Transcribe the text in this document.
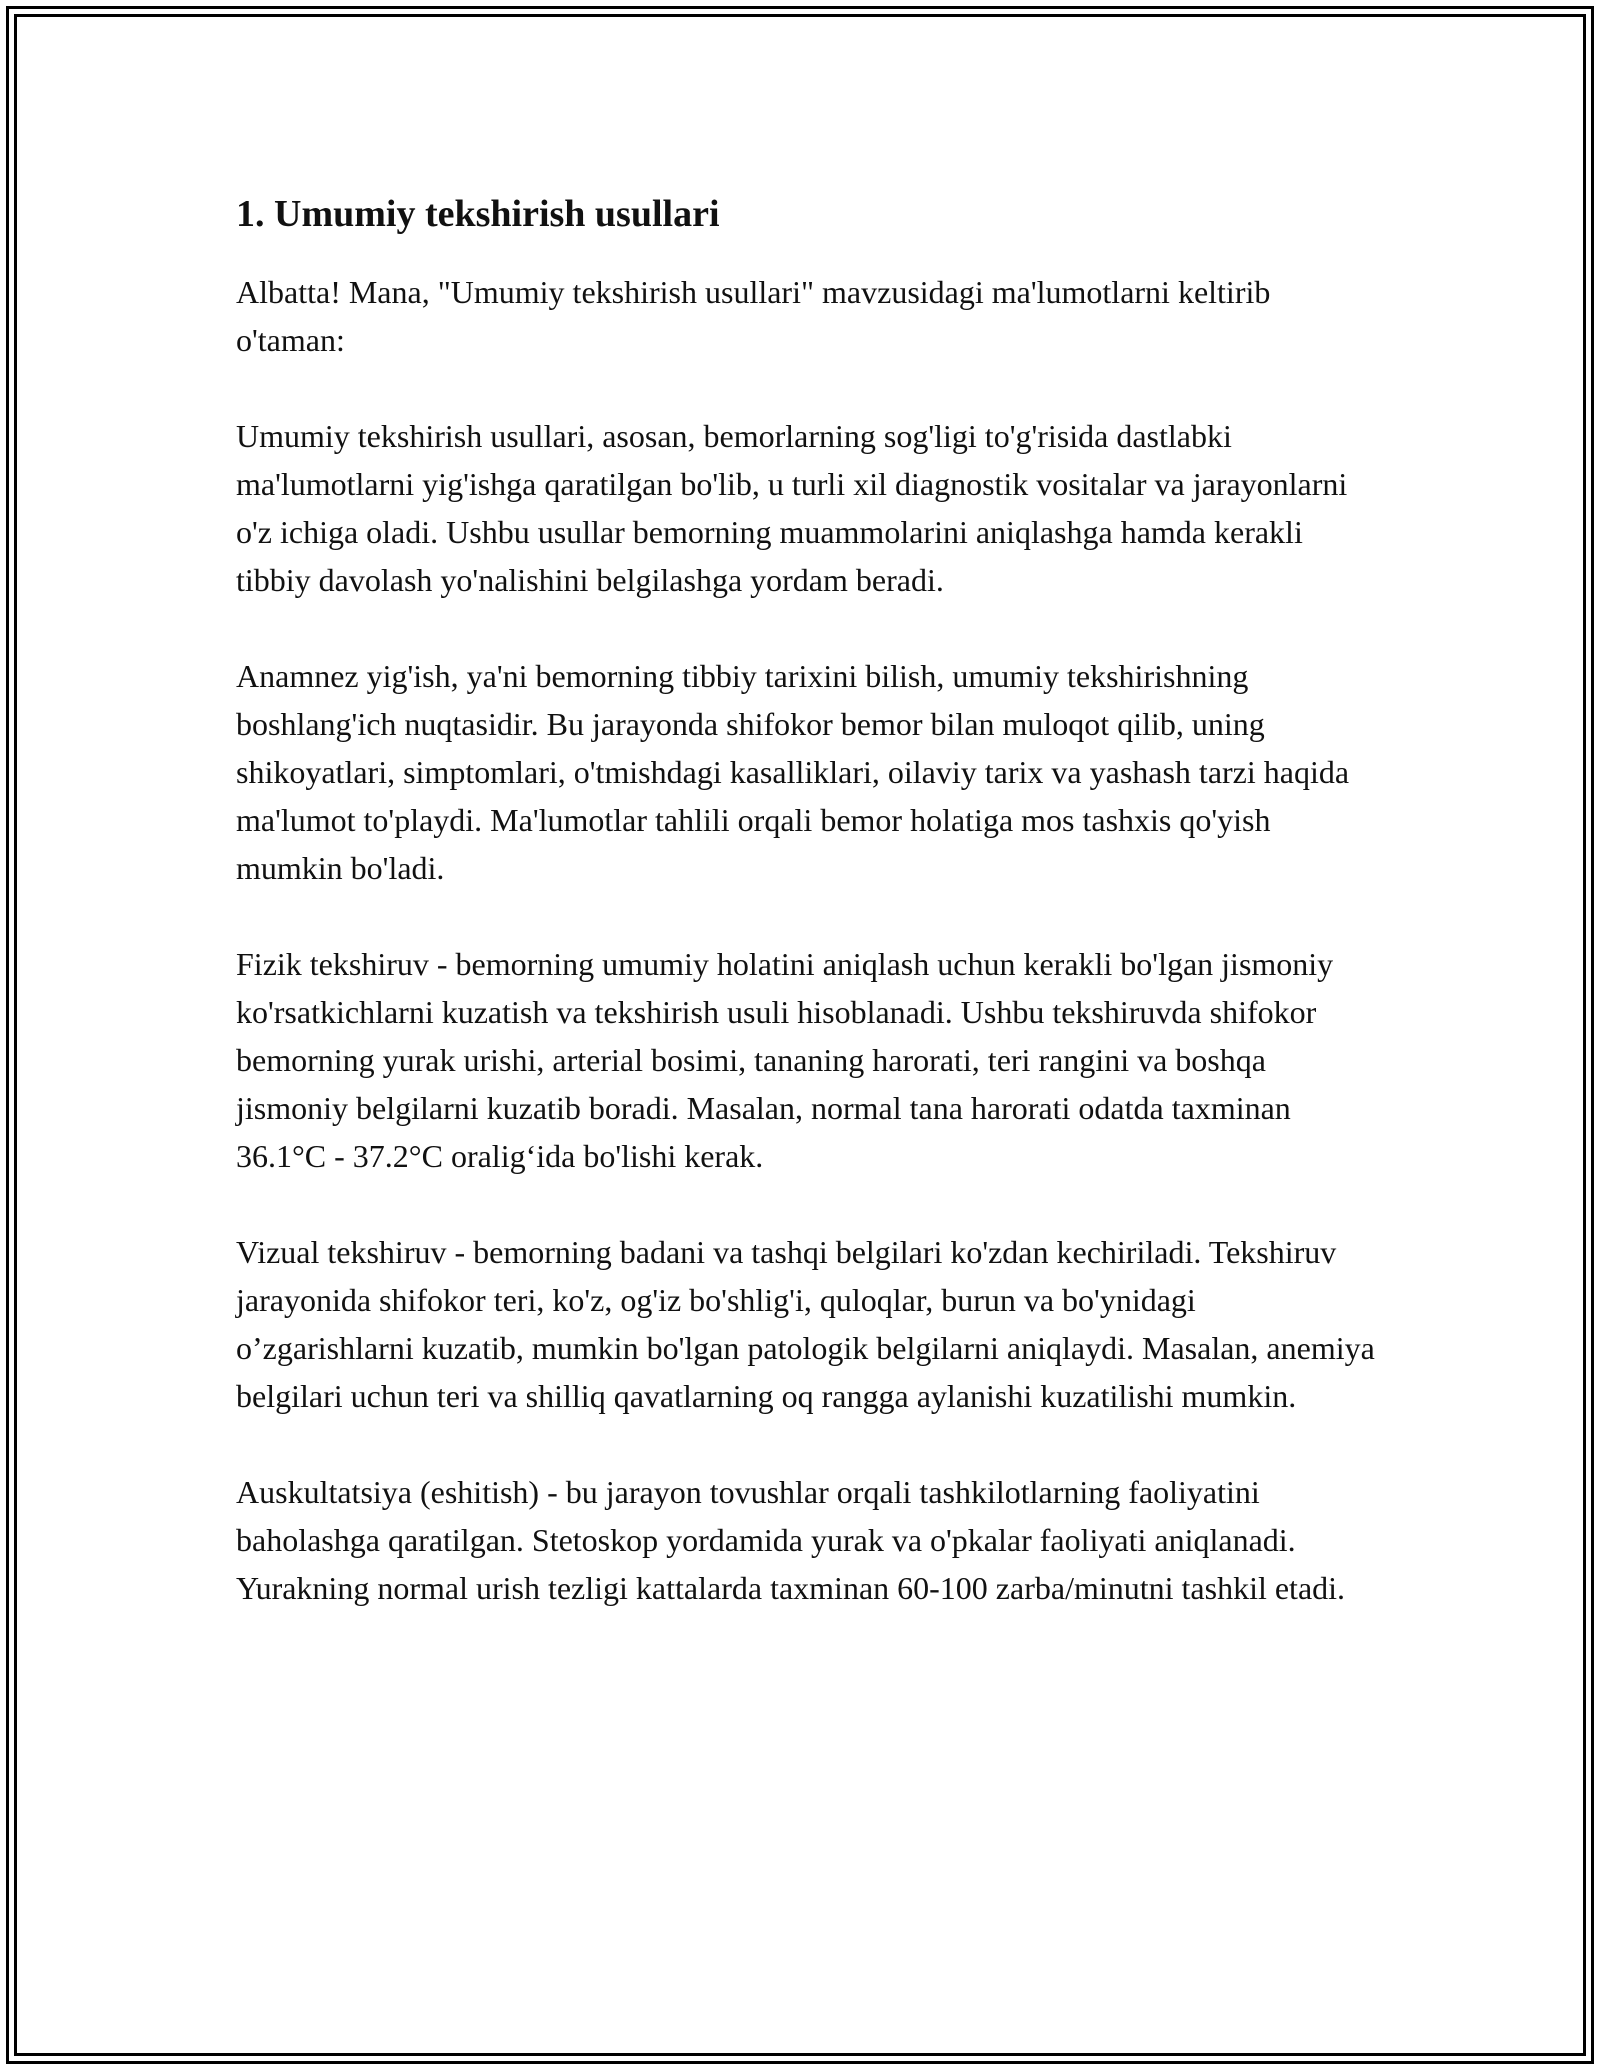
1. Umumiy tekshirish usullari

Albatta! Mana, "Umumiy tekshirish usullari" mavzusidagi ma'lumotlarni keltirib o'taman:

Umumiy tekshirish usullari, asosan, bemorlarning sog'ligi to'g'risida dastlabki ma'lumotlarni yig'ishga qaratilgan bo'lib, u turli xil diagnostik vositalar va jarayonlarni o'z ichiga oladi. Ushbu usullar bemorning muammolarini aniqlashga hamda kerakli tibbiy davolash yo'nalishini belgilashga yordam beradi.

Anamnez yig'ish, ya'ni bemorning tibbiy tarixini bilish, umumiy tekshirishning boshlang'ich nuqtasidir. Bu jarayonda shifokor bemor bilan muloqot qilib, uning shikoyatlari, simptomlari, o'tmishdagi kasalliklari, oilaviy tarix va yashash tarzi haqida ma'lumot to'playdi. Ma'lumotlar tahlili orqali bemor holatiga mos tashxis qo'yish mumkin bo'ladi.

Fizik tekshiruv - bemorning umumiy holatini aniqlash uchun kerakli bo'lgan jismoniy ko'rsatkichlarni kuzatish va tekshirish usuli hisoblanadi. Ushbu tekshiruvda shifokor bemorning yurak urishi, arterial bosimi, tananing harorati, teri rangini va boshqa jismoniy belgilarni kuzatib boradi. Masalan, normal tana harorati odatda taxminan 36.1°C - 37.2°C oralig‘ida bo'lishi kerak.

Vizual tekshiruv - bemorning badani va tashqi belgilari ko'zdan kechiriladi. Tekshiruv jarayonida shifokor teri, ko'z, og'iz bo'shlig'i, quloqlar, burun va bo'ynidagi o’zgarishlarni kuzatib, mumkin bo'lgan patologik belgilarni aniqlaydi. Masalan, anemiya belgilari uchun teri va shilliq qavatlarning oq rangga aylanishi kuzatilishi mumkin.

Auskultatsiya (eshitish) - bu jarayon tovushlar orqali tashkilotlarning faoliyatini baholashga qaratilgan. Stetoskop yordamida yurak va o'pkalar faoliyati aniqlanadi. Yurakning normal urish tezligi kattalarda taxminan 60-100 zarba/minutni tashkil etadi.
